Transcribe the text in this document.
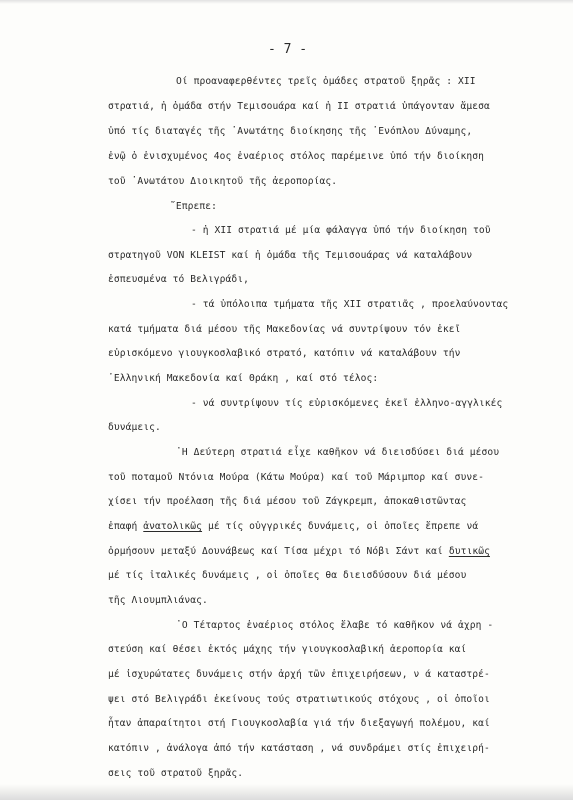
- 7 -
Οί προαναφερθέντες τρεῖς ὁμάδες στρατοῦ ξηρᾶς : XII
στρατιά, ἡ ὁμάδα στήν Τεμισοuάρα καί ἡ II στρατιά ὑπάγονταν ἄμεσα
ὑπό τίς διαταγές τῆς ᾿Ανωτάτης διοίκησης τῆς ᾿Ενόπλου Δύναμης,
ἐνῷ ὁ ἐνισχυμένος 4ος ἐναέριος στόλος παρέμεινε ὑπό τήν διοίκηση
τοῦ ᾿Ανωτάτου Διοικητοῦ τῆς ἀεροπορίας.
῎Επρεπε:
- ἡ XII στρατιά μέ μία φάλαγγα ὑπό τήν διοίκηση τοῦ
στρατηγοῦ VON KLEIST καί ἡ ὁμάδα τῆς Τεμισοuάρας νά καταλάβουν
ἐσπευσμένα τό Βελιγράδι,
- τά ὑπόλοιπα τμήματα τῆς XII στρατιᾶς , προελαύνοντας
κατά τμήματα διά μέσου τῆς Μακεδονίας νά συντρίψουν τόν ἐκεῖ
εὑρισκόμενο γιουγκοσλαβικό στρατό, κατόπιν νά καταλάβουν τήν
᾿Ελληνική Μακεδονία καί Θράκη , καί στό τέλος:
- νά συντρίψουν τίς εὑρισκόμενες ἐκεῖ ἑλληνο-αγγλικές
δυνάμεις.
῾Η Δεύτερη στρατιά εἶχε καθῆκον νά διεισδύσει διά μέσου
τοῦ ποταμοῦ Ντόνια Μούρα (Κάτω Μούρα) καί τοῦ Μάριμπορ καί συνε-
χίσει τήν προέλαση τῆς διά μέσου τοῦ Ζάγκρεμπ, ἀποκαθιστῶντας
ἐπαφή ἀνατολικῶς μέ τίς οὑγγρικές δυνάμεις, οἱ ὁποῖες ἔπρεπε νά
ὁρμήσουν μεταξύ Δουνάβεως καί Τίσα μέχρι τό Νόβι Σάντ καί δυτικῶς
μέ τίς ἰταλικές δυνάμεις , οἱ ὁποῖες θα διεισδύσουν διά μέσου
τῆς Λιουμπλιάνας.
῾Ο Τέταρτος ἐναέριος στόλος ἔλαβε τό καθῆκον νά ἀχρη -
στεύση καί θέσει ἐκτός μάχης τήν γιουγκοσλαβική ἀεροπορία καί
μέ ἰσχυρώτατες δυνάμεις στήν ἀρχή τῶν ἐπιχειρήσεων, ν ά καταστρέ-
ψει στό Βελιγράδι ἐκείνους τούς στρατιωτικούς στόχους , οἱ ὁποῖοι
ἦταν ἀπαραίτητοι στή Γιουγκοσλαβία γιά τήν διεξαγωγή πολέμου, καί
κατόπιν , ἀνάλογα ἀπό τήν κατάσταση , νά συνδράμει στίς ἐπιχειρή-
σεις τοῦ στρατοῦ ξηρᾶς.
